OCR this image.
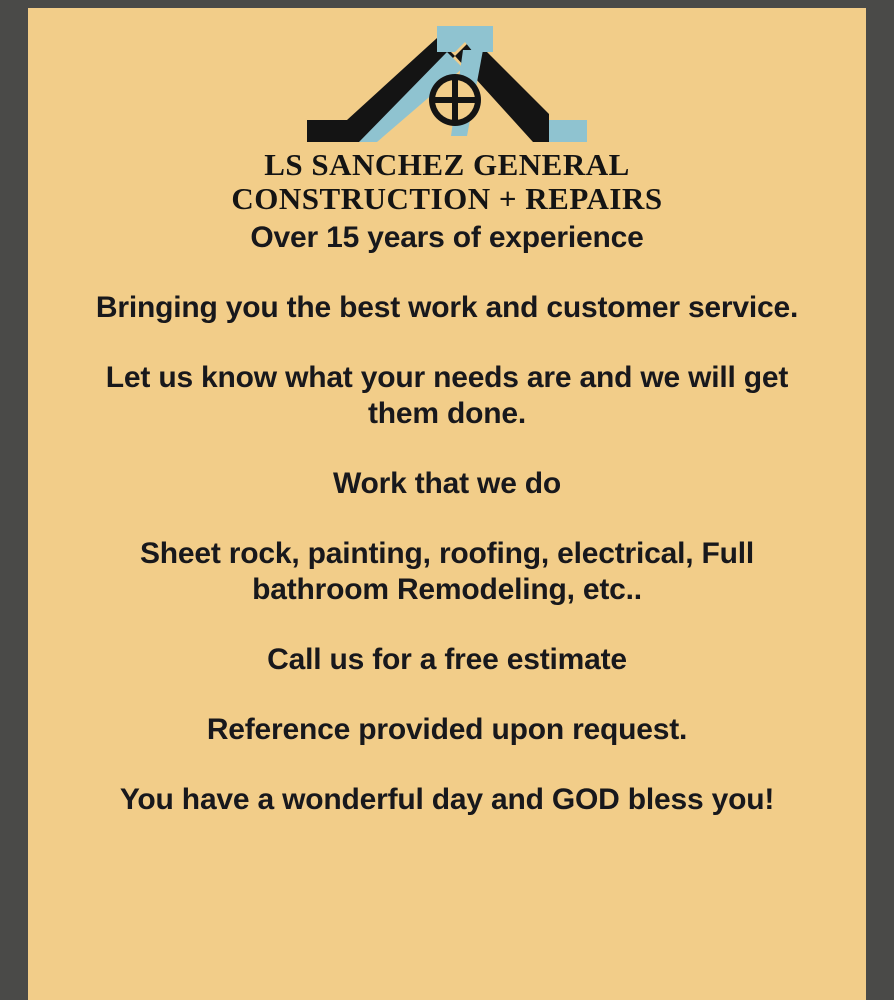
LS SANCHEZ GENERAL
CONSTRUCTION + REPAIRS

Over 15 years of experience

Bringing you the best work and customer service.

Let us know what your needs are and we will get them done.

Work that we do

Sheet rock, painting, roofing, electrical, Full bathroom Remodeling, etc..

Call us for a free estimate

Reference provided upon request.

You have a wonderful day and GOD bless you!
